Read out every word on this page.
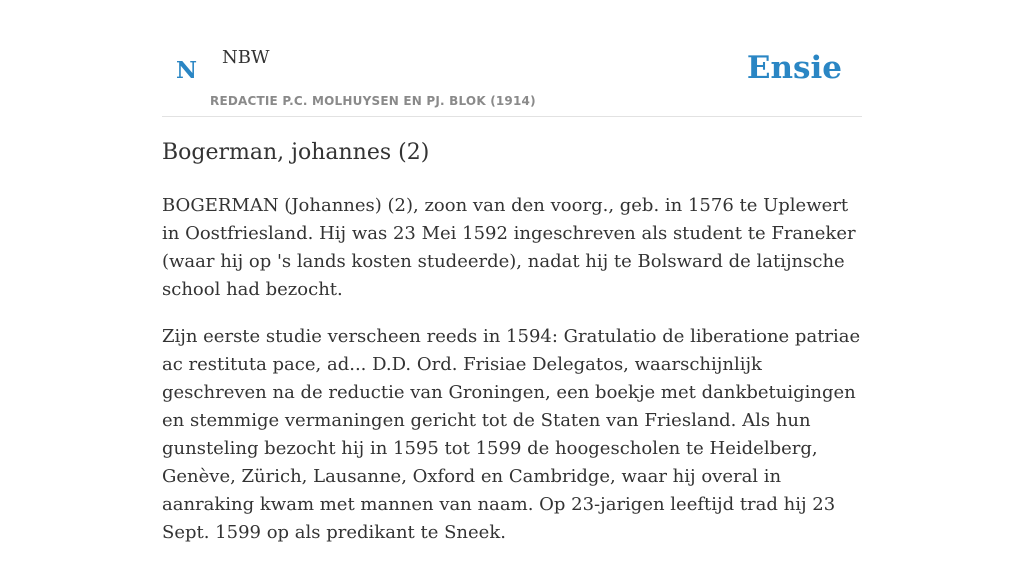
N NBW
REDACTIE P.C. MOLHUYSEN EN PJ. BLOK (1914)
Ensie
Bogerman, johannes (2)

BOGERMAN (Johannes) (2), zoon van den voorg., geb. in 1576 te Uplewert in Oostfriesland. Hij was 23 Mei 1592 ingeschreven als student te Franeker (waar hij op 's lands kosten studeerde), nadat hij te Bolsward de latijnsche school had bezocht.

Zijn eerste studie verscheen reeds in 1594: Gratulatio de liberatione patriae ac restituta pace, ad... D.D. Ord. Frisiae Delegatos, waarschijnlijk geschreven na de reductie van Groningen, een boekje met dankbetuigingen en stemmige vermaningen gericht tot de Staten van Friesland. Als hun gunsteling bezocht hij in 1595 tot 1599 de hoogescholen te Heidelberg, Genève, Zürich, Lausanne, Oxford en Cambridge, waar hij overal in aanraking kwam met mannen van naam. Op 23-jarigen leeftijd trad hij 23 Sept. 1599 op als predikant te Sneek.
